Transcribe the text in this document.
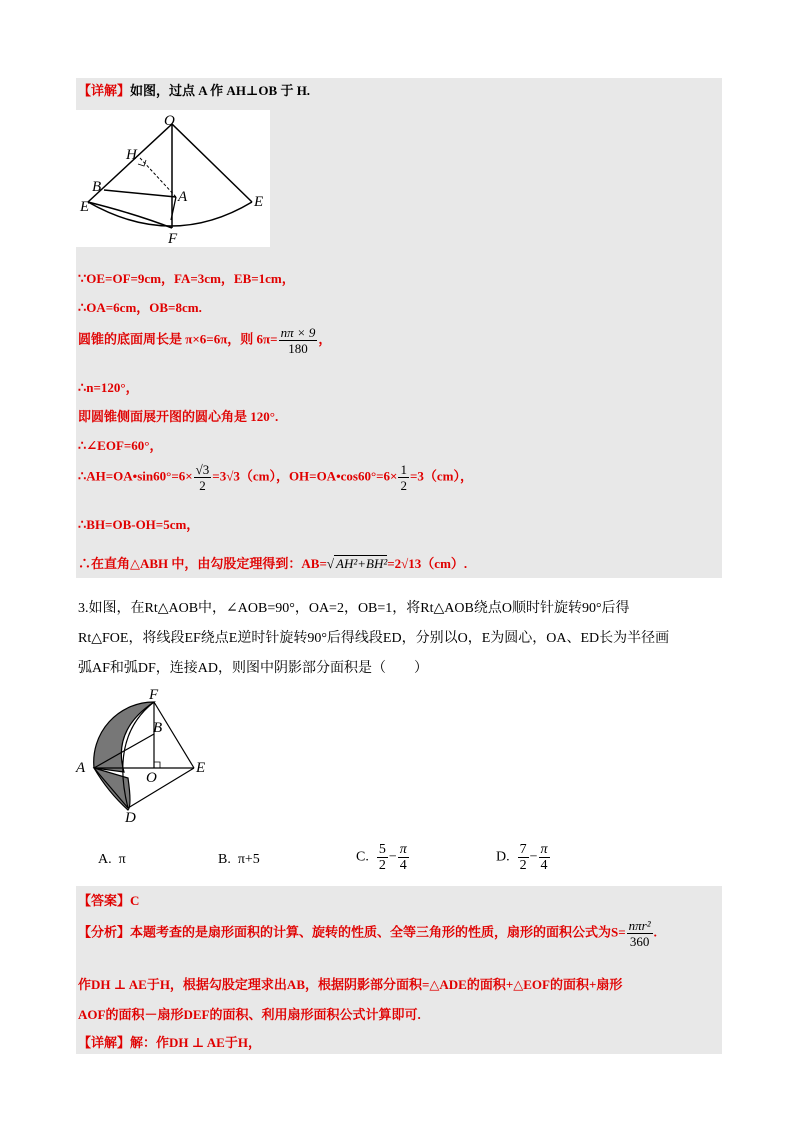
【详解】如图，过点 A 作 AH⊥OB 于 H.
O
H
B
A
E	E
F
∵OE=OF=9cm，FA=3cm，EB=1cm，
∴OA=6cm，OB=8cm.
圆锥的底面周长是 π×6=6π，则 $6\pi= \frac{n\pi \times 9}{180}$ ，
∴n=120°，
即圆锥侧面展开图的圆心角是 120°.
∴∠EOF=60°，
∴AH=OA•sin60°=6× $\frac{√3}{2} =3√3(cm)$，OH=OA•cos60°=6× $\frac{1}{2} =3(cm)$，
∴BH=OB-OH=5cm，
∴在直角△ABH 中，由勾股定理得到：AB=√ AH²+BH²=2√13（cm）.
3.如图，在Rt△AOB中，∠AOB=90°，OA=2，OB=1，将Rt△AOB绕点O顺时针旋转90°后得
Rt△FOE，将线段EF绕点E逆时针旋转90°后得线段ED，分别以O，E为圆心，OA、ED长为半径画
弧AF和弧DF，连接AD，则图中阴影部分面积是（　　）
F
B
A
O
E
D
A. π	B. π+5	C. $\frac{5}{2} - \frac{\pi}{4}$	D. $\frac{7}{2} - \frac{\pi}{4}$
【答案】C
【分析】本题考查的是扇形面积的计算、旋转的性质、全等三角形的性质，扇形的面积公式为$S= \frac{\text{nπr²}}{360}$ .
作DH ⊥ AE于H，根据勾股定理求出AB，根据阴影部分面积=△ADE的面积+△EOF的面积+扇形
AOF的面积－扇形DEF的面积、利用扇形面积公式计算即可.
【详解】解：作DH ⊥ AE于H，
